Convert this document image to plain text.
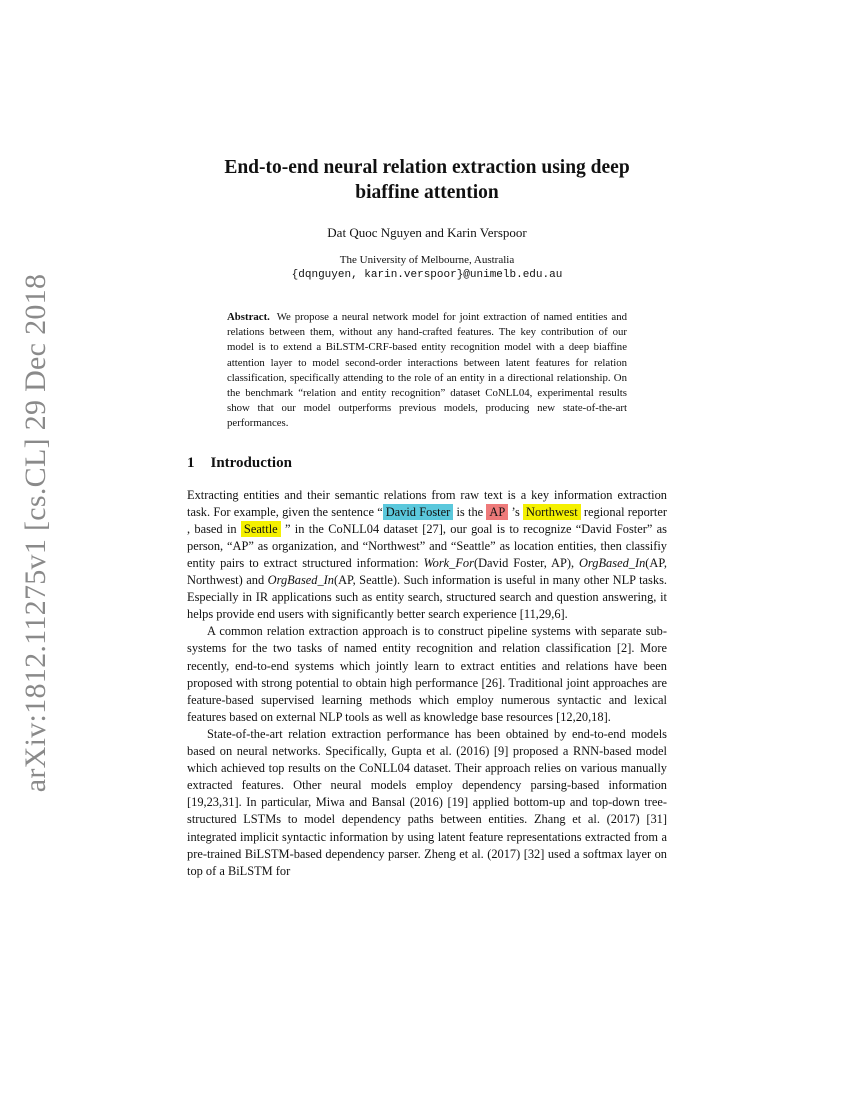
arXiv:1812.11275v1 [cs.CL] 29 Dec 2018
End-to-end neural relation extraction using deep
biaffine attention
Dat Quoc Nguyen and Karin Verspoor
The University of Melbourne, Australia
{dqnguyen, karin.verspoor}@unimelb.edu.au
Abstract. We propose a neural network model for joint extraction of named entities and relations between them, without any hand-crafted features. The key contribution of our model is to extend a BiLSTM-CRF-based entity recognition model with a deep biaffine attention layer to model second-order interactions between latent features for relation classification, specifically attending to the role of an entity in a directional relationship. On the benchmark “relation and entity recognition” dataset CoNLL04, experimental results show that our model outperforms previous models, producing new state-of-the-art performances.
1 Introduction

Extracting entities and their semantic relations from raw text is a key information extraction task. For example, given the sentence “ David Foster is the AP ’s Northwest regional reporter , based in Seattle ” in the CoNLL04 dataset [27], our goal is to recognize “David Foster” as person, “AP” as organization, and “Northwest” and “Seattle” as location entities, then classifiy entity pairs to extract structured information: Work_For(David Foster, AP), OrgBased_In(AP, Northwest) and OrgBased_In(AP, Seattle). Such information is useful in many other NLP tasks. Especially in IR applications such as entity search, structured search and question answering, it helps provide end users with significantly better search experience [11,29,6].

A common relation extraction approach is to construct pipeline systems with separate sub-systems for the two tasks of named entity recognition and relation classification [2]. More recently, end-to-end systems which jointly learn to extract entities and relations have been proposed with strong potential to obtain high performance [26]. Traditional joint approaches are feature-based supervised learning methods which employ numerous syntactic and lexical features based on external NLP tools as well as knowledge base resources [12,20,18].

State-of-the-art relation extraction performance has been obtained by end-to-end models based on neural networks. Specifically, Gupta et al. (2016) [9] proposed a RNN-based model which achieved top results on the CoNLL04 dataset. Their approach relies on various manually extracted features. Other neural models employ dependency parsing-based information [19,23,31]. In particular, Miwa and Bansal (2016) [19] applied bottom-up and top-down tree-structured LSTMs to model dependency paths between entities. Zhang et al. (2017) [31] integrated implicit syntactic information by using latent feature representations extracted from a pre-trained BiLSTM-based dependency parser. Zheng et al. (2017) [32] used a softmax layer on top of a BiLSTM for
